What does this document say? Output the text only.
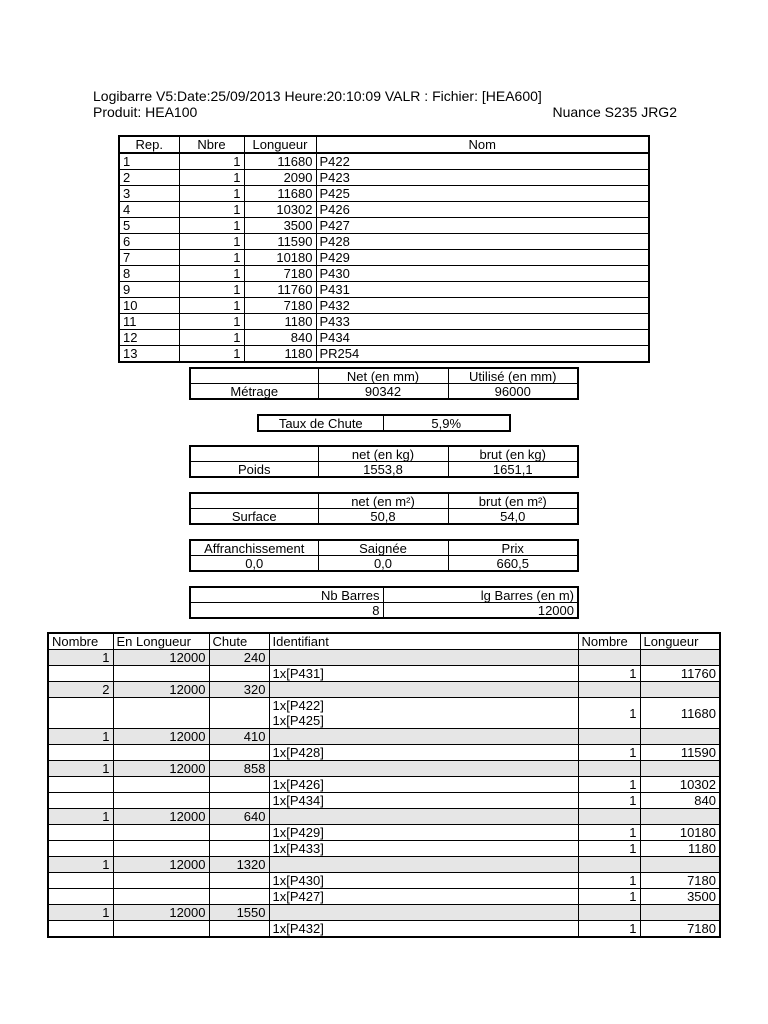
Logibarre V5:Date:25/09/2013 Heure:20:10:09 VALR : Fichier: [HEA600]
Produit: HEA100	Nuance S235 JRG2
Rep.	Nbre	Longueur	Nom
1	1	11680	P422
2	1	2090	P423
3	1	11680	P425
4	1	10302	P426
5	1	3500	P427
6	1	11590	P428
7	1	10180	P429
8	1	7180	P430
9	1	11760	P431
10	1	7180	P432
11	1	1180	P433
12	1	840	P434
13	1	1180	PR254
	Net (en mm)	Utilisé (en mm)
Métrage	90342	96000
Taux de Chute	5,9%
	net (en kg)	brut (en kg)
Poids	1553,8	1651,1
	net (en m²)	brut (en m²)
Surface	50,8	54,0
Affranchissement	Saignée	Prix
0,0	0,0	660,5
Nb Barres	lg Barres (en m)
8	12000
Nombre	En Longueur	Chute	Identifiant	Nombre	Longueur
1	12000	240			

			1x[P431]	1	11760
2	12000	320			

			1x[P422]
1x[P425]	1	11680
1	12000	410			

			1x[P428]	1	11590
1	12000	858			

			1x[P426]	1	10302

			1x[P434]	1	840
1	12000	640			

			1x[P429]	1	10180

			1x[P433]	1	1180
1	12000	1320			

			1x[P430]	1	7180

			1x[P427]	1	3500
1	12000	1550			

			1x[P432]	1	7180
